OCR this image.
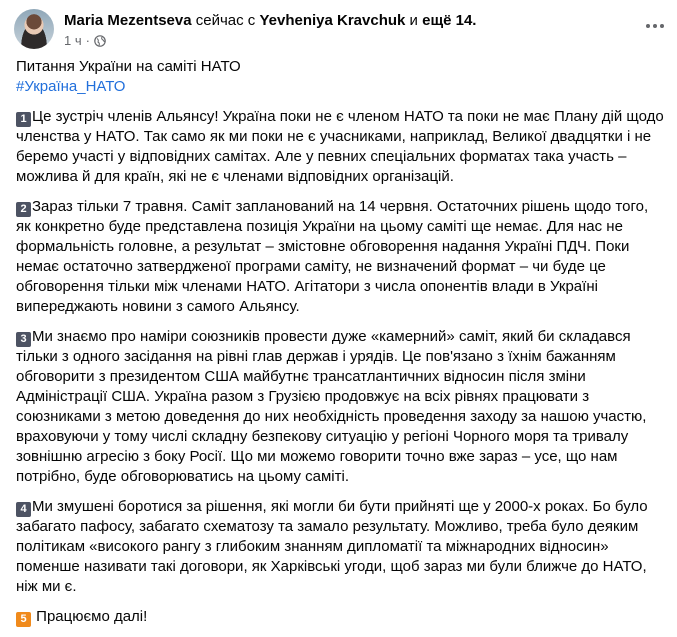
Maria Mezentseva сейчас с Yevheniya Kravchuk и ещё 14.
1 ч ·
Питання України на саміті НАТО
#Україна_НАТО
1 Це зустріч членів Альянсу! Україна поки не є членом НАТО та поки не має Плану дій щодо членства у НАТО. Так само як ми поки не є учасниками, наприклад, Великої двадцятки і не беремо участі у відповідних самітах. Але у певних спеціальних форматах така участь – можлива й для країн, які не є членами відповідних організацій.
2 Зараз тільки 7 травня. Саміт запланований на 14 червня. Остаточних рішень щодо того, як конкретно буде представлена позиція України на цьому саміті ще немає. Для нас не формальність головне, а результат – змістовне обговорення надання Україні ПДЧ. Поки немає остаточно затвердженої програми саміту, не визначений формат – чи буде це обговорення тільки між членами НАТО. Агітатори з числа опонентів влади в Україні випереджають новини з самого Альянсу.
3 Ми знаємо про наміри союзників провести дуже «камерний» саміт, який би складався тільки з одного засідання на рівні глав держав і урядів. Це пов'язано з їхнім бажанням обговорити з президентом США майбутнє трансатлантичних відносин після зміни Адміністрації США. Україна разом з Грузією продовжує на всіх рівнях працювати з союзниками з метою доведення до них необхідність проведення заходу за нашою участю, враховуючи у тому числі складну безпекову ситуацію у регіоні Чорного моря та тривалу зовнішню агресію з боку Росії. Що ми можемо говорити точно вже зараз – усе, що нам потрібно, буде обговорюватись на цьому саміті.
4 Ми змушені боротися за рішення, які могли би бути прийняті ще у 2000-х роках. Бо було забагато пафосу, забагато схематозу та замало результату. Можливо, треба було деяким політикам «високого рангу з глибоким знанням дипломатії та міжнародних відносин» поменше називати такі договори, як Харківські угоди, щоб зараз ми були ближче до НАТО, ніж ми є.
5 Працюємо далі!
